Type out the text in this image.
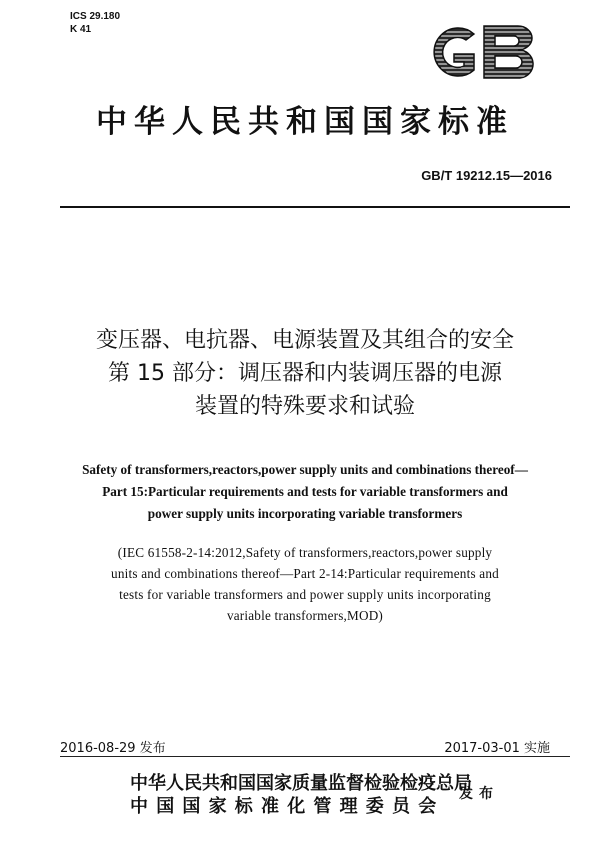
ICS 29.180
K 41
GB
中华人民共和国国家标准
GB/T 19212.15—2016
变压器、电抗器、电源装置及其组合的安全
第 15 部分：调压器和内装调压器的电源
装置的特殊要求和试验
Safety of transformers,reactors,power supply units and combinations thereof—
Part 15:Particular requirements and tests for variable transformers and
power supply units incorporating variable transformers
(IEC 61558-2-14:2012,Safety of transformers,reactors,power supply
units and combinations thereof—Part 2-14:Particular requirements and
tests for variable transformers and power supply units incorporating
variable transformers,MOD)
2016-08-29 发布	2017-03-01 实施
中华人民共和国国家质量监督检验检疫总局
中国国家标准化管理委员会
发布
